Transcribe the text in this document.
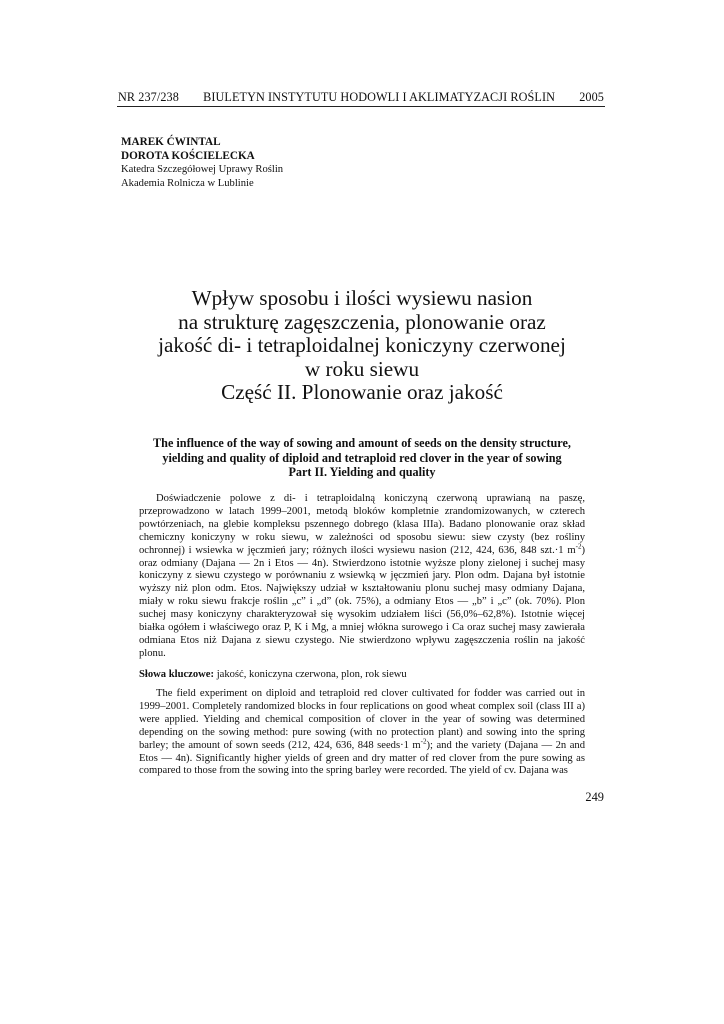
NR 237/238 BIULETYN INSTYTUTU HODOWLI I AKLIMATYZACJI ROŚLIN 2005
MAREK ĆWINTAL
DOROTA KOŚCIELECKA
Katedra Szczegółowej Uprawy Roślin
Akademia Rolnicza w Lublinie
Wpływ sposobu i ilości wysiewu nasion
na strukturę zagęszczenia, plonowanie oraz
jakość di- i tetraploidalnej koniczyny czerwonej
w roku siewu
Część II. Plonowanie oraz jakość
The influence of the way of sowing and amount of seeds on the density structure,
yielding and quality of diploid and tetraploid red clover in the year of sowing
Part II. Yielding and quality

Doświadczenie polowe z di- i tetraploidalną koniczyną czerwoną uprawianą na paszę, przeprowadzono w latach 1999–2001, metodą bloków kompletnie zrandomizowanych, w czterech powtórzeniach, na glebie kompleksu pszennego dobrego (klasa IIIa). Badano plonowanie oraz skład chemiczny koniczyny w roku siewu, w zależności od sposobu siewu: siew czysty (bez rośliny ochronnej) i wsiewka w jęczmień jary; różnych ilości wysiewu nasion (212, 424, 636, 848 szt.·1 $m^{-2}$) oraz odmiany (Dajana — 2n i Etos — 4n). Stwierdzono istotnie wyższe plony zielonej i suchej masy koniczyny z siewu czystego w porównaniu z wsiewką w jęczmień jary. Plon odm. Dajana był istotnie wyższy niż plon odm. Etos. Największy udział w kształtowaniu plonu suchej masy odmiany Dajana, miały w roku siewu frakcje roślin „c” i „d” (ok. 75%), a odmiany Etos — „b” i „c” (ok. 70%). Plon suchej masy koniczyny charakteryzował się wysokim udziałem liści (56,0%–62,8%). Istotnie więcej białka ogółem i właściwego oraz P, K i Mg, a mniej włókna surowego i Ca oraz suchej masy zawierała odmiana Etos niż Dajana z siewu czystego. Nie stwierdzono wpływu zagęszczenia roślin na jakość plonu.

Słowa kluczowe: jakość, koniczyna czerwona, plon, rok siewu

The field experiment on diploid and tetraploid red clover cultivated for fodder was carried out in 1999–2001. Completely randomized blocks in four replications on good wheat complex soil (class III a) were applied. Yielding and chemical composition of clover in the year of sowing was determined depending on the sowing method: pure sowing (with no protection plant) and sowing into the spring barley; the amount of sown seeds (212, 424, 636, 848 seeds·1 $m^{-2}$); and the variety (Dajana — 2n and Etos — 4n). Significantly higher yields of green and dry matter of red clover from the pure sowing as compared to those from the sowing into the spring barley were recorded. The yield of cv. Dajana was

249
